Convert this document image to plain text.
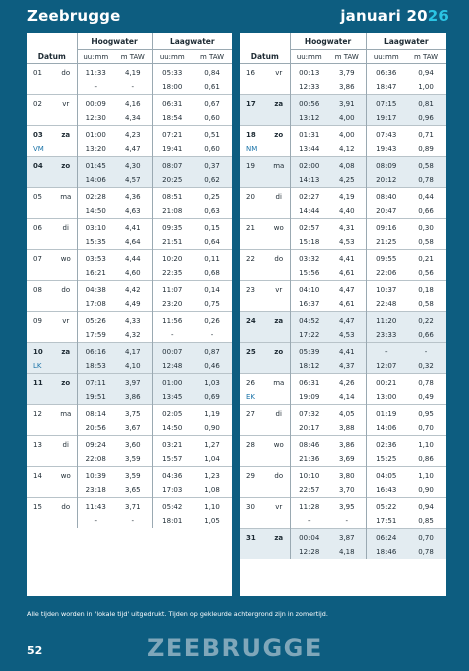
Zeebrugge	januari 2026
Datum		Hoogwater		Laagwater	
		uu:mm	m TAW	uu:mm	m TAW
01	do	11:33	4,19	05:33	0,84
		-	-	18:00	0,61
02	vr	00:09	4,16	06:31	0,67
		12:30	4,34	18:54	0,60
03	za	01:00	4,23	07:21	0,51
VM		13:20	4,47	19:41	0,60
04	zo	01:45	4,30	08:07	0,37
		14:06	4,57	20:25	0,62
05	ma	02:28	4,36	08:51	0,25
		14:50	4,63	21:08	0,63
06	di	03:10	4,41	09:35	0,15
		15:35	4,64	21:51	0,64
07	wo	03:53	4,44	10:20	0,11
		16:21	4,60	22:35	0,68
08	do	04:38	4,42	11:07	0,14
		17:08	4,49	23:20	0,75
09	vr	05:26	4,33	11:56	0,26
		17:59	4,32	-	-
10	za	06:16	4,17	00:07	0,87
LK		18:53	4,10	12:48	0,46
11	zo	07:11	3,97	01:00	1,03
		19:51	3,86	13:45	0,69
12	ma	08:14	3,75	02:05	1,19
		20:56	3,67	14:50	0,90
13	di	09:24	3,60	03:21	1,27
		22:08	3,59	15:57	1,04
14	wo	10:39	3,59	04:36	1,23
		23:18	3,65	17:03	1,08
15	do	11:43	3,71	05:42	1,10
		-	-	18:01	1,05
Datum		Hoogwater		Laagwater	
		uu:mm	m TAW	uu:mm	m TAW
16	vr	00:13	3,79	06:36	0,94
		12:33	3,86	18:47	1,00
17	za	00:56	3,91	07:15	0,81
		13:12	4,00	19:17	0,96
18	zo	01:31	4,00	07:43	0,71
NM		13:44	4,12	19:43	0,89
19	ma	02:00	4,08	08:09	0,58
		14:13	4,25	20:12	0,78
20	di	02:27	4,19	08:40	0,44
		14:44	4,40	20:47	0,66
21	wo	02:57	4,31	09:16	0,30
		15:18	4,53	21:25	0,58
22	do	03:32	4,41	09:55	0,21
		15:56	4,61	22:06	0,56
23	vr	04:10	4,47	10:37	0,18
		16:37	4,61	22:48	0,58
24	za	04:52	4,47	11:20	0,22
		17:22	4,53	23:33	0,66
25	zo	05:39	4,41	-	-
		18:12	4,37	12:07	0,32
26	ma	06:31	4,26	00:21	0,78
EK		19:09	4,14	13:00	0,49
27	di	07:32	4,05	01:19	0,95
		20:17	3,88	14:06	0,70
28	wo	08:46	3,86	02:36	1,10
		21:36	3,69	15:25	0,86
29	do	10:10	3,80	04:05	1,10
		22:57	3,70	16:43	0,90
30	vr	11:28	3,95	05:22	0,94
		-	-	17:51	0,85
31	za	00:04	3,87	06:24	0,70
		12:28	4,18	18:46	0,78
Alle tijden worden in 'lokale tijd' uitgedrukt. Tijden op gekleurde achtergrond zijn in zomertijd.
52	ZEEBRUGGE
